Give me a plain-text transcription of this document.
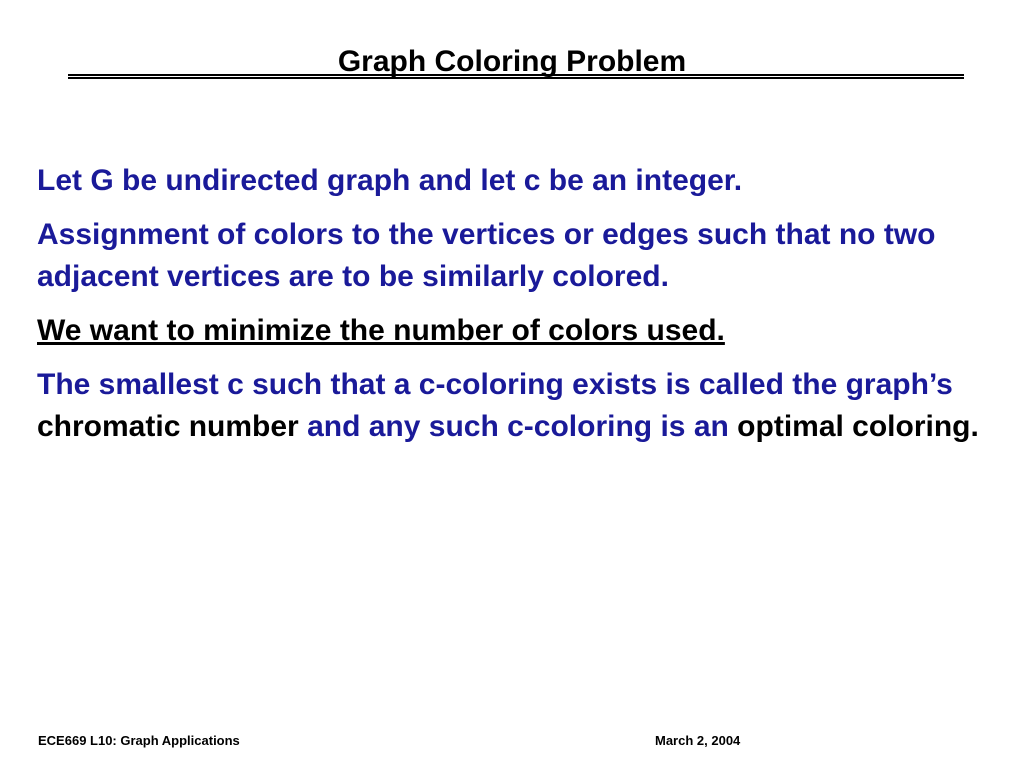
Graph Coloring Problem

Let G be undirected graph and let c be an integer.

Assignment of colors to the vertices or edges such that no two adjacent vertices are to be similarly colored.

We want to minimize the number of colors used.

The smallest c such that a c-coloring exists is called the graph’s chromatic number and any such c-coloring is an optimal coloring.

ECE669 L10: Graph Applications	March 2, 2004
